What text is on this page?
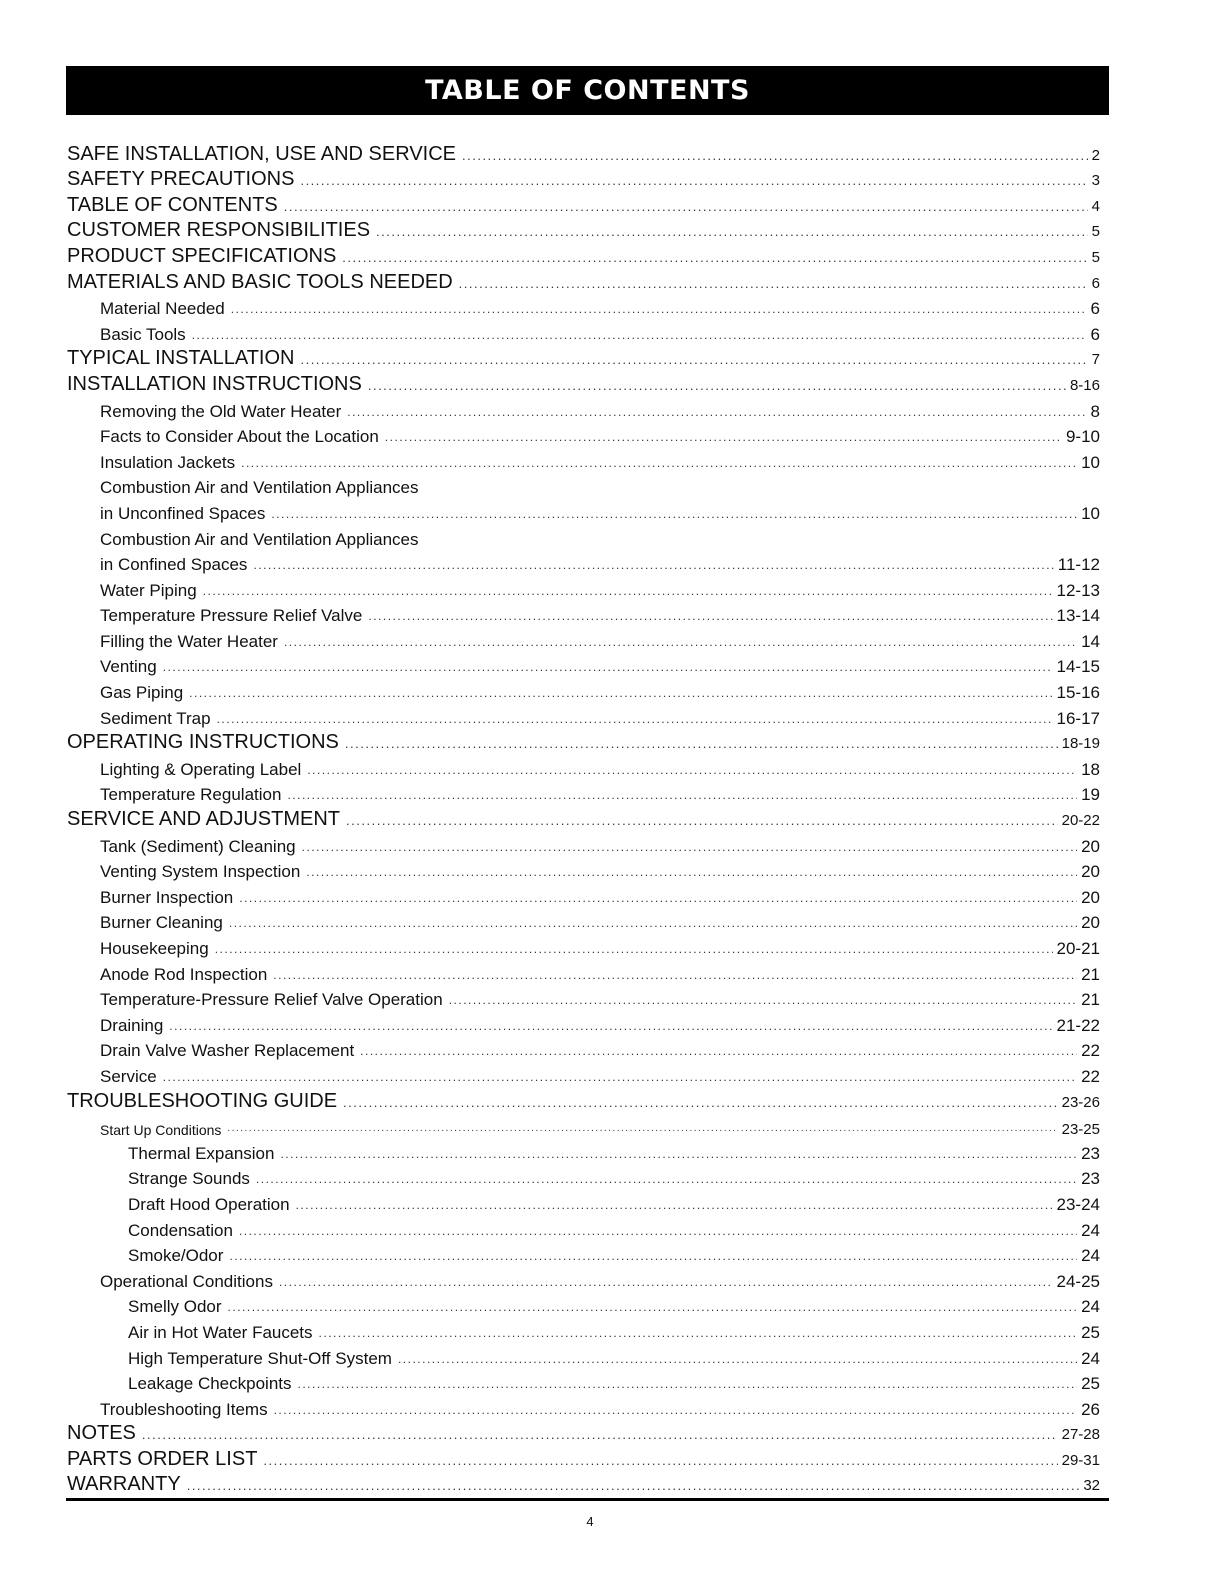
TABLE OF CONTENTS
SAFE INSTALLATION, USE AND SERVICE .....	2
SAFETY PRECAUTIONS .....	3
TABLE OF CONTENTS .....	4
CUSTOMER RESPONSIBILITIES .....	5
PRODUCT SPECIFICATIONS .....	5
MATERIALS AND BASIC TOOLS NEEDED .....	6
Material Needed .....	6
Basic Tools .....	6
TYPICAL INSTALLATION .....	7
INSTALLATION INSTRUCTIONS .....	8-16
Removing the Old Water Heater .....	8
Facts to Consider About the Location .....	9-10
Insulation Jackets .....	10
Combustion Air and Ventilation Appliances
in Unconfined Spaces .....	10
Combustion Air and Ventilation Appliances
in Confined Spaces .....	11-12
Water Piping .....	12-13
Temperature Pressure Relief Valve .....	13-14
Filling the Water Heater .....	14
Venting .....	14-15
Gas Piping .....	15-16
Sediment Trap .....	16-17
OPERATING INSTRUCTIONS .....	18-19
Lighting & Operating Label .....	18
Temperature Regulation .....	19
SERVICE AND ADJUSTMENT .....	20-22
Tank (Sediment) Cleaning .....	20
Venting System Inspection .....	20
Burner Inspection .....	20
Burner Cleaning .....	20
Housekeeping .....	20-21
Anode Rod Inspection .....	21
Temperature-Pressure Relief Valve Operation .....	21
Draining .....	21-22
Drain Valve Washer Replacement .....	22
Service .....	22
TROUBLESHOOTING GUIDE .....	23-26
Start Up Conditions .....	23-25
Thermal Expansion .....	23
Strange Sounds .....	23
Draft Hood Operation .....	23-24
Condensation .....	24
Smoke/Odor .....	24
Operational Conditions .....	24-25
Smelly Odor .....	24
Air in Hot Water Faucets .....	25
High Temperature Shut-Off System .....	24
Leakage Checkpoints .....	25
Troubleshooting Items .....	26
NOTES .....	27-28
PARTS ORDER LIST .....	29-31
WARRANTY .....	32
4
